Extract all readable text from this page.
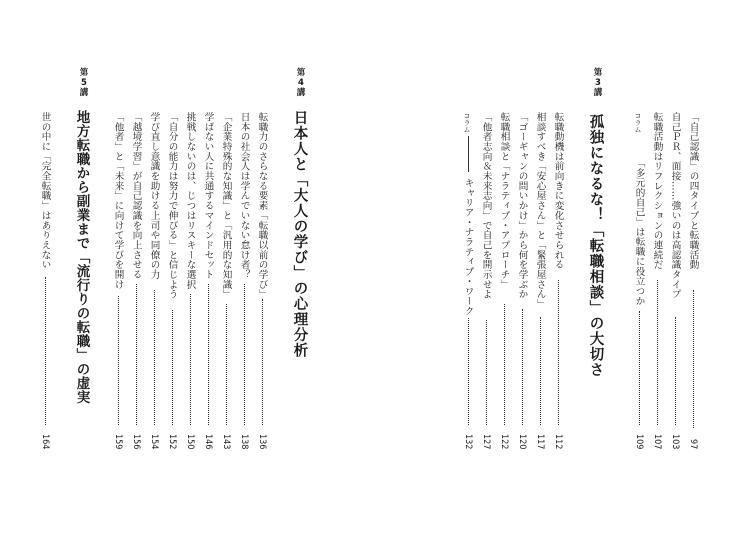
「自己認識」の四タイプと転職活動
97
自己ＰＲ、面接……強いのは高認識タイプ
103
転職活動はリフレクションの連続だ
107
コラム
「多元的自己」は転職に役立つか
109
第
3
講
孤独になるな！「転職相談」の大切さ
転職動機は前向きに変化させられる
112
相談すべき「安心屋さん」と「緊張屋さん」
117
「ゴーギャンの問いかけ」から何を学ぶか
120
転職相談と「ナラティブ・アプローチ」
122
「他者志向＆未来志向」で自己を開示せよ
127
コラム
キャリア・ナラティブ・ワーク
132
第
4
講
日本人と「大人の学び」の心理分析
転職力のさらなる要素「転職以前の学び」
136
日本の社会人は学んでいない怠け者？
138
「企業特殊的な知識」と「汎用的な知識」
143
学ばない人に共通するマインドセット
146
挑戦しないのは、じつはリスキーな選択
150
「自分の能力は努力で伸びる」と信じよう
152
学び直し意識を助ける上司や同僚の力
154
「越境学習」が自己認識を向上させる
156
「他者」と「未来」に向けて学びを開け
159
第
5
講
地方転職から副業まで「流行りの転職」の虚実
世の中に「完全転職」はありえない
164
